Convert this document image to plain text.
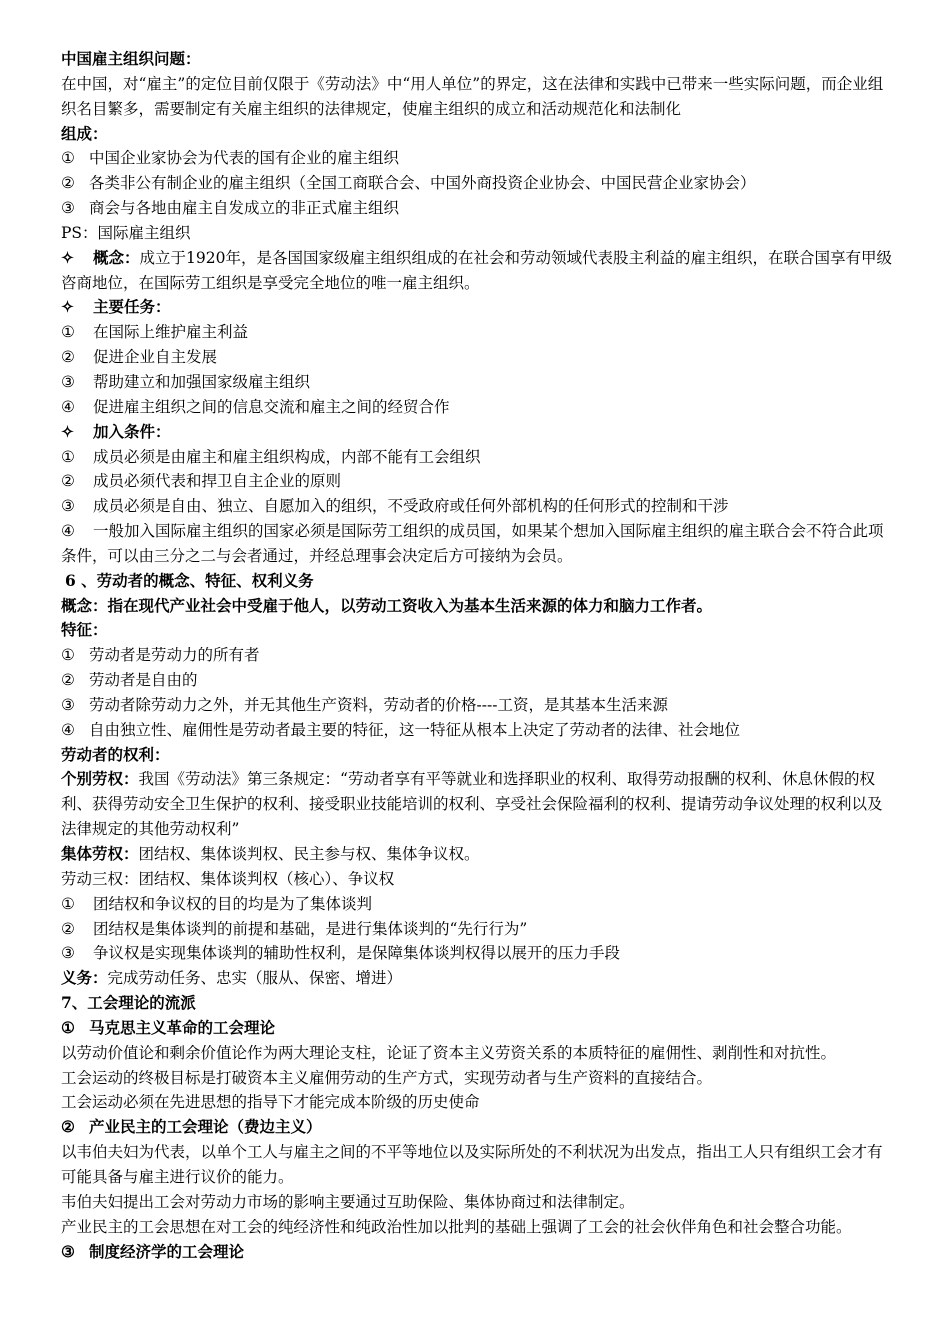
中国雇主组织问题：
在中国，对“雇主”的定位目前仅限于《劳动法》中“用人单位”的界定，这在法律和实践中已带来一些实际问题，而企业组织名目繁多，需要制定有关雇主组织的法律规定，使雇主组织的成立和活动规范化和法制化
组成：
① 中国企业家协会为代表的国有企业的雇主组织
② 各类非公有制企业的雇主组织（全国工商联合会、中国外商投资企业协会、中国民营企业家协会）
③ 商会与各地由雇主自发成立的非正式雇主组织
PS：国际雇主组织
✧ 概念：成立于1920年，是各国国家级雇主组织组成的在社会和劳动领域代表股主利益的雇主组织，在联合国享有甲级咨商地位，在国际劳工组织是享受完全地位的唯一雇主组织。
✧ 主要任务：
① 在国际上维护雇主利益
② 促进企业自主发展
③ 帮助建立和加强国家级雇主组织
④ 促进雇主组织之间的信息交流和雇主之间的经贸合作
✧ 加入条件：
① 成员必须是由雇主和雇主组织构成，内部不能有工会组织
② 成员必须代表和捍卫自主企业的原则
③ 成员必须是自由、独立、自愿加入的组织，不受政府或任何外部机构的任何形式的控制和干涉
④ 一般加入国际雇主组织的国家必须是国际劳工组织的成员国，如果某个想加入国际雇主组织的雇主联合会不符合此项条件，可以由三分之二与会者通过，并经总理事会决定后方可接纳为会员。
6 、劳动者的概念、特征、权利义务
概念：指在现代产业社会中受雇于他人，以劳动工资收入为基本生活来源的体力和脑力工作者。
特征：
① 劳动者是劳动力的所有者
② 劳动者是自由的
③ 劳动者除劳动力之外，并无其他生产资料，劳动者的价格----工资，是其基本生活来源
④ 自由独立性、雇佣性是劳动者最主要的特征，这一特征从根本上决定了劳动者的法律、社会地位
劳动者的权利：
个别劳权：我国《劳动法》第三条规定：“劳动者享有平等就业和选择职业的权利、取得劳动报酬的权利、休息休假的权利、获得劳动安全卫生保护的权利、接受职业技能培训的权利、享受社会保险福利的权利、提请劳动争议处理的权利以及法律规定的其他劳动权利”
集体劳权：团结权、集体谈判权、民主参与权、集体争议权。
劳动三权：团结权、集体谈判权（核心）、争议权
① 团结权和争议权的目的均是为了集体谈判
② 团结权是集体谈判的前提和基础，是进行集体谈判的“先行行为”
③ 争议权是实现集体谈判的辅助性权利，是保障集体谈判权得以展开的压力手段
义务：完成劳动任务、忠实（服从、保密、增进）
7、工会理论的流派
① 马克思主义革命的工会理论
以劳动价值论和剩余价值论作为两大理论支柱，论证了资本主义劳资关系的本质特征的雇佣性、剥削性和对抗性。
工会运动的终极目标是打破资本主义雇佣劳动的生产方式，实现劳动者与生产资料的直接结合。
工会运动必须在先进思想的指导下才能完成本阶级的历史使命
② 产业民主的工会理论（费边主义）
以韦伯夫妇为代表，以单个工人与雇主之间的不平等地位以及实际所处的不利状况为出发点，指出工人只有组织工会才有可能具备与雇主进行议价的能力。
韦伯夫妇提出工会对劳动力市场的影响主要通过互助保险、集体协商过和法律制定。
产业民主的工会思想在对工会的纯经济性和纯政治性加以批判的基础上强调了工会的社会伙伴角色和社会整合功能。
③ 制度经济学的工会理论
